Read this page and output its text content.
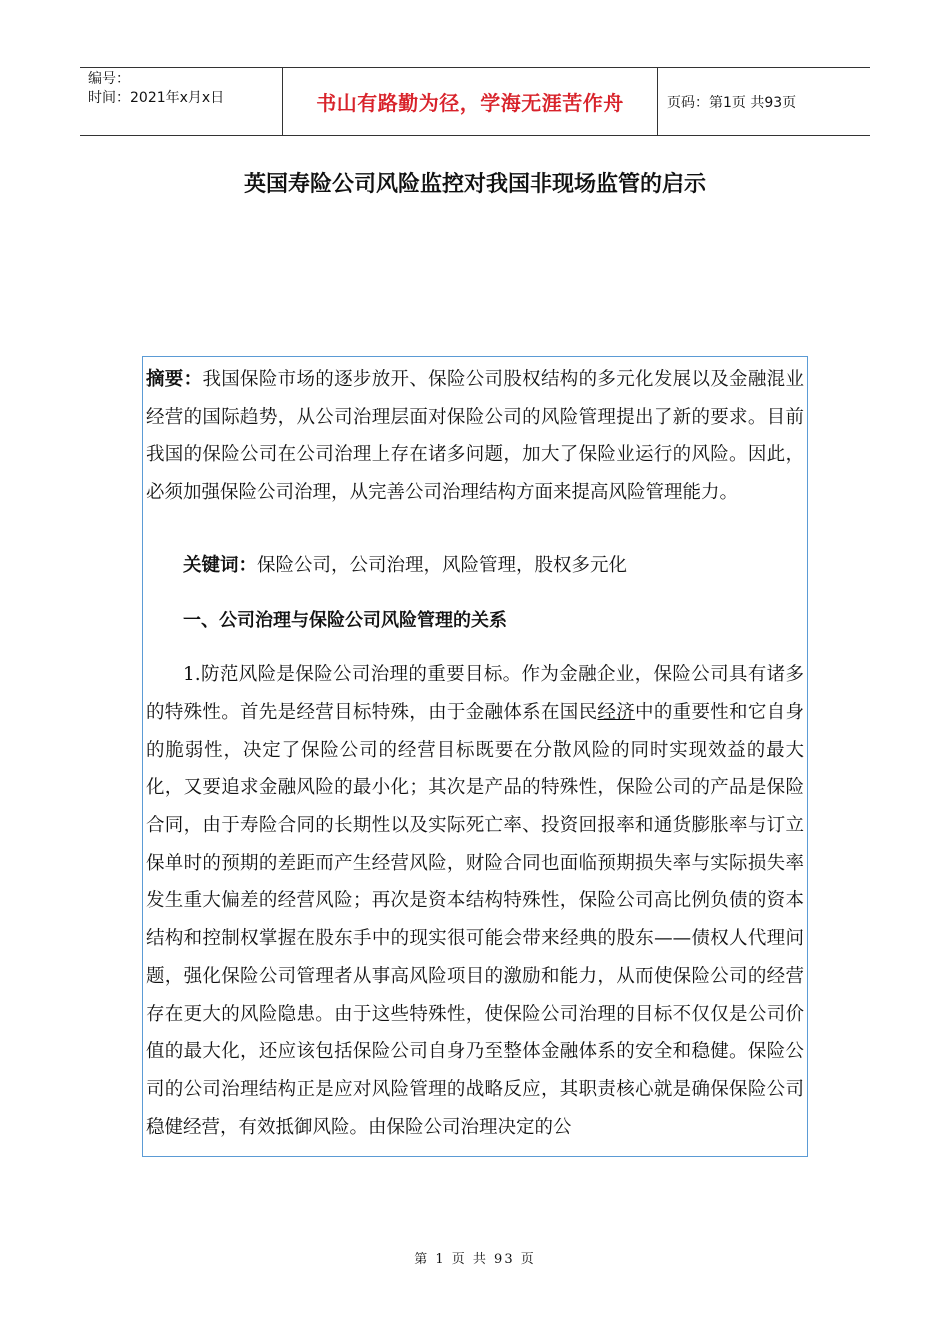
编号：
时间：2021年x月x日	书山有路勤为径，学海无涯苦作舟	页码：第1页 共93页
英国寿险公司风险监控对我国非现场监管的启示

摘要：我国保险市场的逐步放开、保险公司股权结构的多元化发展以及金融混业经营的国际趋势，从公司治理层面对保险公司的风险管理提出了新的要求。目前我国的保险公司在公司治理上存在诸多问题，加大了保险业运行的风险。因此，必须加强保险公司治理，从完善公司治理结构方面来提高风险管理能力。

关键词：保险公司，公司治理，风险管理，股权多元化

一、公司治理与保险公司风险管理的关系

1.防范风险是保险公司治理的重要目标。作为金融企业，保险公司具有诸多的特殊性。首先是经营目标特殊，由于金融体系在国民经济中的重要性和它自身的脆弱性，决定了保险公司的经营目标既要在分散风险的同时实现效益的最大化，又要追求金融风险的最小化；其次是产品的特殊性，保险公司的产品是保险合同，由于寿险合同的长期性以及实际死亡率、投资回报率和通货膨胀率与订立保单时的预期的差距而产生经营风险，财险合同也面临预期损失率与实际损失率发生重大偏差的经营风险；再次是资本结构特殊性，保险公司高比例负债的资本结构和控制权掌握在股东手中的现实很可能会带来经典的股东——债权人代理问题，强化保险公司管理者从事高风险项目的激励和能力，从而使保险公司的经营存在更大的风险隐患。由于这些特殊性，使保险公司治理的目标不仅仅是公司价值的最大化，还应该包括保险公司自身乃至整体金融体系的安全和稳健。保险公司的公司治理结构正是应对风险管理的战略反应，其职责核心就是确保保险公司稳健经营，有效抵御风险。由保险公司治理决定的公

第 1 页 共 93 页
